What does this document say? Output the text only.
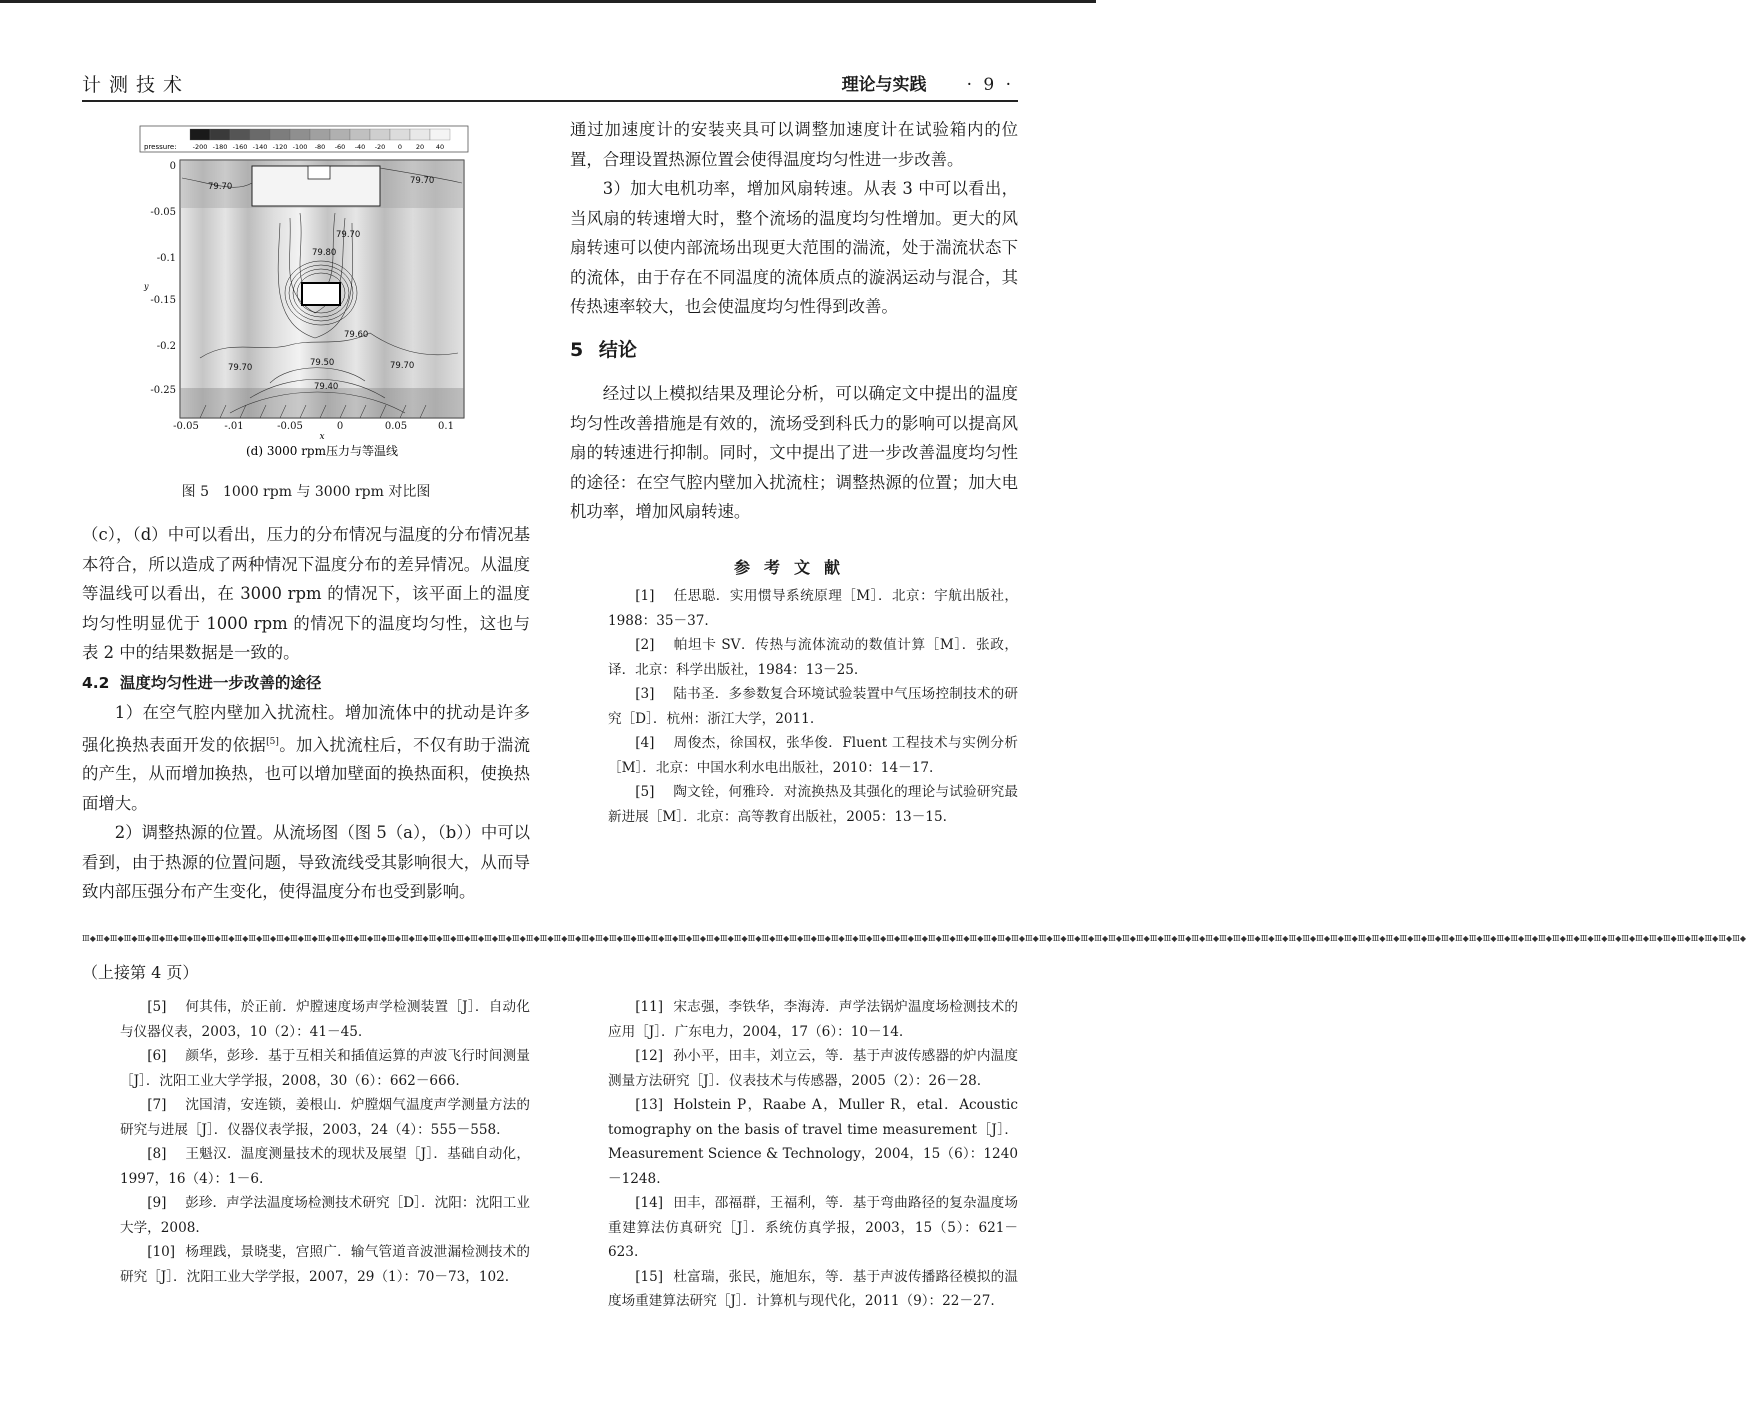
计测技术	理论与实践 · 9 ·
pressure: -200 -180 -160 -140 -120 -100 -80 -60 -40 -20 0 20 40
79.70
79.70
79.70
79.80
79.60
79.70	79.50	79.70
79.40
0
-0.05
-0.1
-0.15
-0.2
-0.25
y
-0.05	-.01	-0.05	0	0.05	0.1
x
(d) 3000 rpm压力与等温线
图 5　1000 rpm 与 3000 rpm 对比图

（c），（d）中可以看出，压力的分布情况与温度的分布情况基本符合，所以造成了两种情况下温度分布的差异情况。从温度等温线可以看出，在 3000 rpm 的情况下，该平面上的温度均匀性明显优于 1000 rpm 的情况下的温度均匀性，这也与表 2 中的结果数据是一致的。

4.2 温度均匀性进一步改善的途径

1）在空气腔内壁加入扰流柱。增加流体中的扰动是许多强化换热表面开发的依据[5]。加入扰流柱后，不仅有助于湍流的产生，从而增加换热，也可以增加壁面的换热面积，使换热面增大。

2）调整热源的位置。从流场图（图 5（a），（b））中可以看到，由于热源的位置问题，导致流线受其影响很大，从而导致内部压强分布产生变化，使得温度分布也受到影响。

通过加速度计的安装夹具可以调整加速度计在试验箱内的位置，合理设置热源位置会使得温度均匀性进一步改善。

3）加大电机功率，增加风扇转速。从表 3 中可以看出，当风扇的转速增大时，整个流场的温度均匀性增加。更大的风扇转速可以使内部流场出现更大范围的湍流，处于湍流状态下的流体，由于存在不同温度的流体质点的漩涡运动与混合，其传热速率较大，也会使温度均匀性得到改善。

5 结论

经过以上模拟结果及理论分析，可以确定文中提出的温度均匀性改善措施是有效的，流场受到科氏力的影响可以提高风扇的转速进行抑制。同时，文中提出了进一步改善温度均匀性的途径：在空气腔内壁加入扰流柱；调整热源的位置；加大电机功率，增加风扇转速。

参考文献

[1] 任思聪．实用惯导系统原理［M］．北京：宇航出版社，1988：35－37.

[2] 帕坦卡 SV．传热与流体流动的数值计算［M］．张政，译．北京：科学出版社，1984：13－25.

[3] 陆书圣．多参数复合环境试验装置中气压场控制技术的研究［D］．杭州：浙江大学，2011.

[4] 周俊杰，徐国权，张华俊．Fluent 工程技术与实例分析［M］．北京：中国水利水电出版社，2010：14－17.

[5] 陶文铨，何雅玲．对流换热及其强化的理论与试验研究最新进展［M］．北京：高等教育出版社，2005：13－15.

Ⅲ◆Ⅲ◆Ⅲ◆Ⅲ◆Ⅲ◆Ⅲ◆Ⅲ◆Ⅲ◆Ⅲ◆Ⅲ◆Ⅲ◆Ⅲ◆Ⅲ◆Ⅲ◆Ⅲ◆Ⅲ◆Ⅲ◆Ⅲ◆Ⅲ◆Ⅲ◆Ⅲ◆Ⅲ◆Ⅲ◆Ⅲ◆Ⅲ◆Ⅲ◆Ⅲ◆Ⅲ◆Ⅲ◆Ⅲ◆Ⅲ◆Ⅲ◆Ⅲ◆Ⅲ◆Ⅲ◆Ⅲ◆Ⅲ◆Ⅲ◆Ⅲ◆Ⅲ◆Ⅲ◆Ⅲ◆Ⅲ◆Ⅲ◆Ⅲ◆Ⅲ◆Ⅲ◆Ⅲ◆Ⅲ◆Ⅲ◆Ⅲ◆Ⅲ◆Ⅲ◆Ⅲ◆Ⅲ◆Ⅲ◆Ⅲ◆Ⅲ◆Ⅲ◆Ⅲ◆Ⅲ◆Ⅲ◆Ⅲ◆Ⅲ◆Ⅲ◆Ⅲ◆Ⅲ◆Ⅲ◆Ⅲ◆Ⅲ◆Ⅲ◆Ⅲ◆Ⅲ◆Ⅲ◆Ⅲ◆Ⅲ◆Ⅲ◆Ⅲ◆Ⅲ◆Ⅲ◆Ⅲ◆Ⅲ◆Ⅲ◆Ⅲ◆Ⅲ◆Ⅲ◆Ⅲ◆Ⅲ◆Ⅲ◆Ⅲ◆Ⅲ◆Ⅲ◆Ⅲ◆Ⅲ◆Ⅲ◆Ⅲ◆Ⅲ◆Ⅲ◆Ⅲ◆Ⅲ◆Ⅲ◆Ⅲ◆Ⅲ◆Ⅲ◆Ⅲ◆Ⅲ◆Ⅲ◆Ⅲ◆Ⅲ◆Ⅲ◆Ⅲ◆Ⅲ◆Ⅲ◆Ⅲ◆Ⅲ◆Ⅲ◆Ⅲ◆Ⅲ◆Ⅲ◆Ⅲ◆
（上接第 4 页）

[5] 何其伟，於正前．炉膛速度场声学检测装置［J］．自动化与仪器仪表，2003，10（2）：41－45.

[6] 颜华，彭珍．基于互相关和插值运算的声波飞行时间测量［J］．沈阳工业大学学报，2008，30（6）：662－666.

[7] 沈国清，安连锁，姜根山．炉膛烟气温度声学测量方法的研究与进展［J］．仪器仪表学报，2003，24（4）：555－558.

[8] 王魁汉．温度测量技术的现状及展望［J］．基础自动化，1997，16（4）：1－6.

[9] 彭珍．声学法温度场检测技术研究［D］．沈阳：沈阳工业大学，2008.

[10] 杨理践，景晓斐，宫照广．输气管道音波泄漏检测技术的研究［J］．沈阳工业大学学报，2007，29（1）：70－73，102.

[11] 宋志强，李铁华，李海涛．声学法锅炉温度场检测技术的应用［J］．广东电力，2004，17（6）：10－14.

[12] 孙小平，田丰，刘立云，等．基于声波传感器的炉内温度测量方法研究［J］．仪表技术与传感器，2005（2）：26－28.

[13] Holstein P，Raabe A，Muller R，etal．Acoustic tomography on the basis of travel time measurement［J］．Measurement Science & Technology，2004，15（6）：1240－1248.

[14] 田丰，邵福群，王福利，等．基于弯曲路径的复杂温度场重建算法仿真研究［J］．系统仿真学报，2003，15（5）：621－623.

[15] 杜富瑞，张民，施旭东，等．基于声波传播路径模拟的温度场重建算法研究［J］．计算机与现代化，2011（9）：22－27.
